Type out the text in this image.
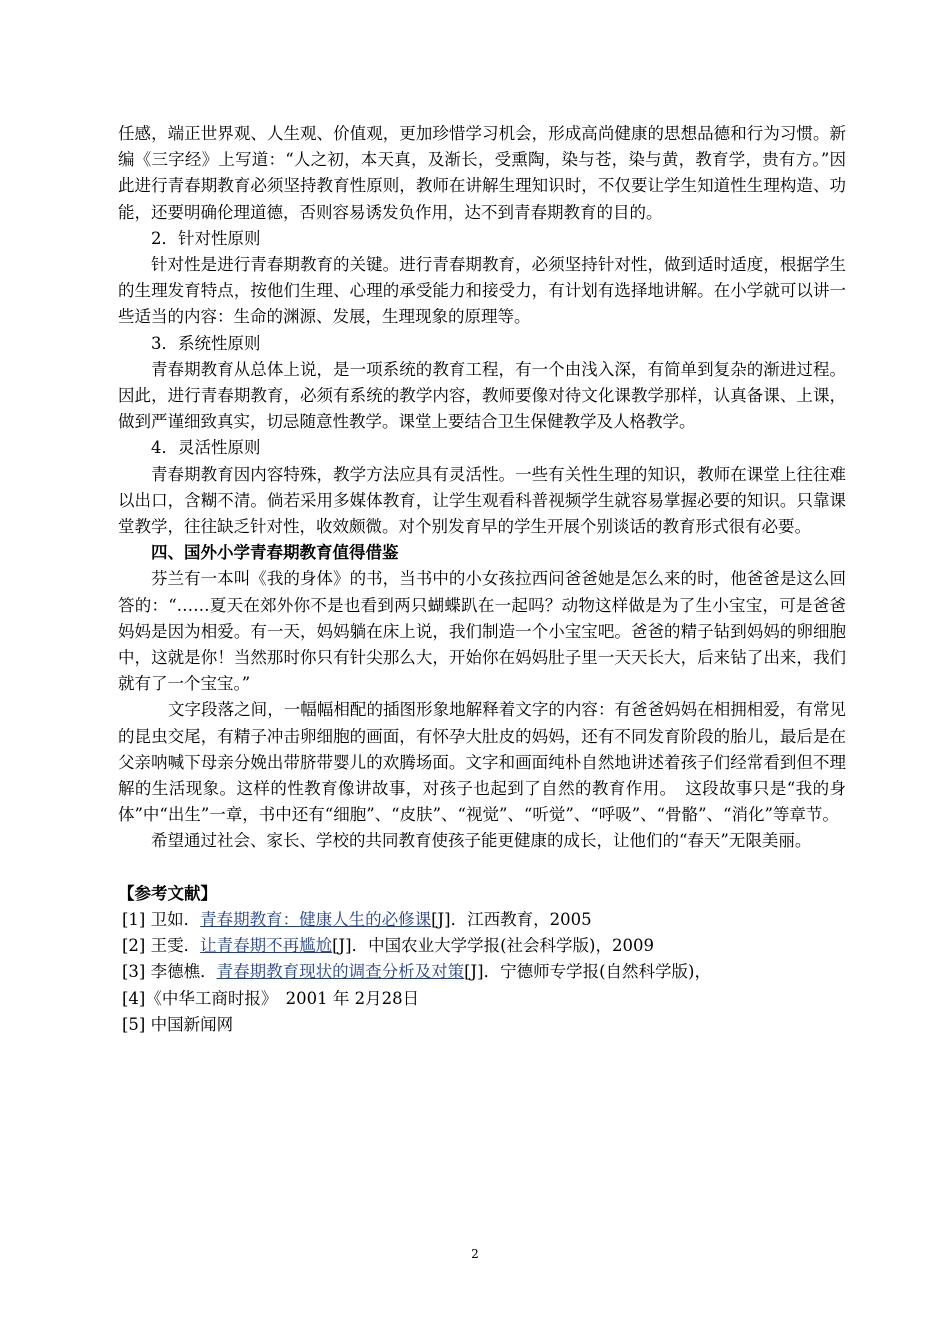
任感，端正世界观、人生观、价值观，更加珍惜学习机会，形成高尚健康的思想品德和行为习惯。新编《三字经》上写道：“人之初，本天真，及渐长，受熏陶，染与苍，染与黄，教育学，贵有方。”因此进行青春期教育必须坚持教育性原则，教师在讲解生理知识时，不仅要让学生知道性生理构造、功能，还要明确伦理道德，否则容易诱发负作用，达不到青春期教育的目的。

2．针对性原则

针对性是进行青春期教育的关键。进行青春期教育，必须坚持针对性，做到适时适度，根据学生的生理发育特点，按他们生理、心理的承受能力和接受力，有计划有选择地讲解。在小学就可以讲一些适当的内容：生命的渊源、发展，生理现象的原理等。

3．系统性原则

青春期教育从总体上说，是一项系统的教育工程，有一个由浅入深，有简单到复杂的渐进过程。因此，进行青春期教育，必须有系统的教学内容，教师要像对待文化课教学那样，认真备课、上课，做到严谨细致真实，切忌随意性教学。课堂上要结合卫生保健教学及人格教学。

4．灵活性原则

青春期教育因内容特殊，教学方法应具有灵活性。一些有关性生理的知识，教师在课堂上往往难以出口，含糊不清。倘若采用多媒体教育，让学生观看科普视频学生就容易掌握必要的知识。只靠课堂教学，往往缺乏针对性，收效颇微。对个别发育早的学生开展个别谈话的教育形式很有必要。

四、国外小学青春期教育值得借鉴

芬兰有一本叫《我的身体》的书，当书中的小女孩拉西问爸爸她是怎么来的时，他爸爸是这么回答的：“……夏天在郊外你不是也看到两只蝴蝶趴在一起吗？动物这样做是为了生小宝宝，可是爸爸妈妈是因为相爱。有一天，妈妈躺在床上说，我们制造一个小宝宝吧。爸爸的精子钻到妈妈的卵细胞中，这就是你！当然那时你只有针尖那么大，开始你在妈妈肚子里一天天长大，后来钻了出来，我们就有了一个宝宝。”

文字段落之间，一幅幅相配的插图形象地解释着文字的内容：有爸爸妈妈在相拥相爱，有常见的昆虫交尾，有精子冲击卵细胞的画面，有怀孕大肚皮的妈妈，还有不同发育阶段的胎儿，最后是在父亲呐喊下母亲分娩出带脐带婴儿的欢腾场面。文字和画面纯朴自然地讲述着孩子们经常看到但不理解的生活现象。这样的性教育像讲故事，对孩子也起到了自然的教育作用。　这段故事只是“我的身体”中“出生”一章，书中还有“细胞”、“皮肤”、“视觉”、“听觉”、“呼吸”、“骨骼”、“消化”等章节。

希望通过社会、家长、学校的共同教育使孩子能更健康的成长，让他们的“春天”无限美丽。

【参考文献】

[1] 卫如．青春期教育：健康人生的必修课[J]．江西教育，2005

[2] 王雯．让青春期不再尴尬[J]．中国农业大学学报(社会科学版)，2009

[3] 李德樵．青春期教育现状的调查分析及对策[J]．宁德师专学报(自然科学版)，

[4]《中华工商时报》　2001 年 2月28日

[5] 中国新闻网

2
